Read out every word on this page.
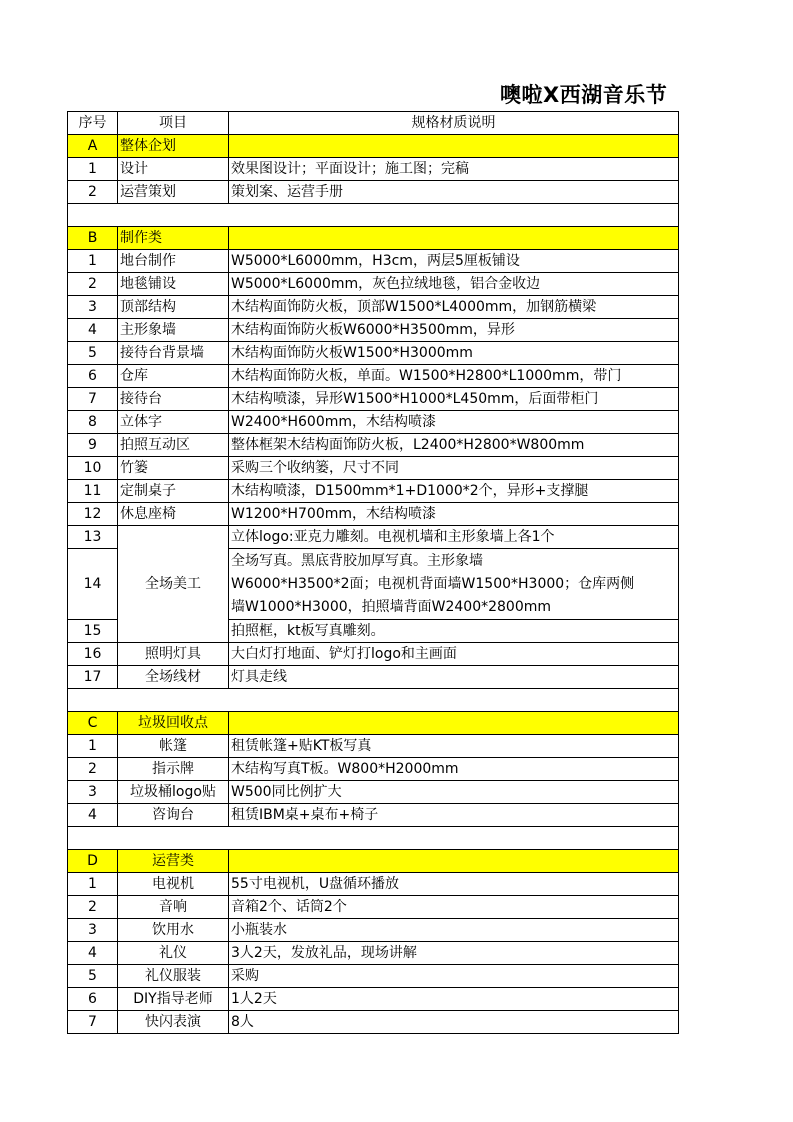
噢啦X西湖音乐节
序号	项目	规格材质说明
A	整体企划	
1	设计	效果图设计；平面设计；施工图；完稿
2	运营策划	策划案、运营手册

B	制作类	
1	地台制作	W5000*L6000mm，H3cm，两层5厘板铺设
2	地毯铺设	W5000*L6000mm，灰色拉绒地毯，铝合金收边
3	顶部结构	木结构面饰防火板，顶部W1500*L4000mm，加钢筋横梁
4	主形象墙	木结构面饰防火板W6000*H3500mm，异形
5	接待台背景墙	木结构面饰防火板W1500*H3000mm
6	仓库	木结构面饰防火板，单面。W1500*H2800*L1000mm，带门
7	接待台	木结构喷漆，异形W1500*H1000*L450mm，后面带柜门
8	立体字	W2400*H600mm，木结构喷漆
9	拍照互动区	整体框架木结构面饰防火板，L2400*H2800*W800mm
10	竹篓	采购三个收纳篓，尺寸不同
11	定制桌子	木结构喷漆，D1500mm*1+D1000*2个，异形+支撑腿
12	休息座椅	W1200*H700mm，木结构喷漆
13	全场美工	立体logo:亚克力雕刻。电视机墙和主形象墙上各1个
14		全场写真。黑底背胶加厚写真。主形象墙
W6000*H3500*2面；电视机背面墙W1500*H3000；仓库两侧
墙W1000*H3000，拍照墙背面W2400*2800mm

15		拍照框，kt板写真雕刻。
16	照明灯具	大白灯打地面、铲灯打logo和主画面
17	全场线材	灯具走线

C	垃圾回收点	
1	帐篷	租赁帐篷+贴KT板写真
2	指示牌	木结构写真T板。W800*H2000mm
3	垃圾桶logo贴	W500同比例扩大
4	咨询台	租赁IBM桌+桌布+椅子

D	运营类	
1	电视机	55寸电视机，U盘循环播放
2	音响	音箱2个、话筒2个
3	饮用水	小瓶装水
4	礼仪	3人2天，发放礼品，现场讲解
5	礼仪服装	采购
6	DIY指导老师	1人2天
7	快闪表演	8人
